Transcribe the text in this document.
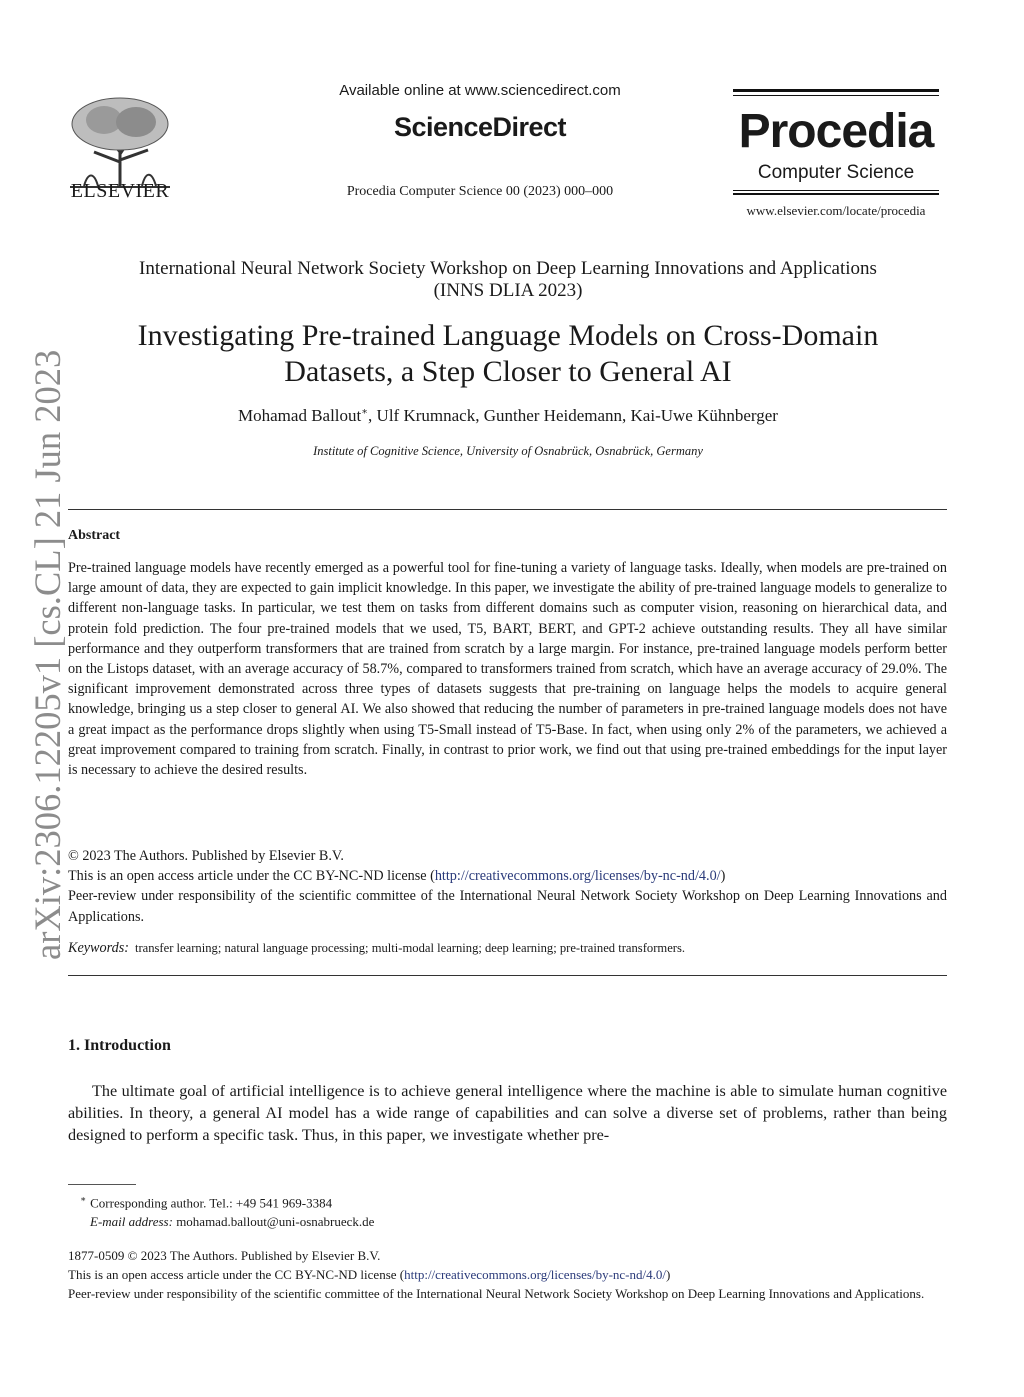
ELSEVIER
Available online at www.sciencedirect.com
ScienceDirect
Procedia Computer Science 00 (2023) 000–000
Procedia
Computer Science
www.elsevier.com/locate/procedia
arXiv:2306.12205v1 [cs.CL] 21 Jun 2023
International Neural Network Society Workshop on Deep Learning Innovations and Applications
(INNS DLIA 2023)
Investigating Pre-trained Language Models on Cross-Domain
Datasets, a Step Closer to General AI
Mohamad Ballout∗, Ulf Krumnack, Gunther Heidemann, Kai-Uwe Kühnberger
Institute of Cognitive Science, University of Osnabrück, Osnabrück, Germany
Abstract
Pre-trained language models have recently emerged as a powerful tool for fine-tuning a variety of language tasks. Ideally, when models are pre-trained on large amount of data, they are expected to gain implicit knowledge. In this paper, we investigate the ability of pre-trained language models to generalize to different non-language tasks. In particular, we test them on tasks from different domains such as computer vision, reasoning on hierarchical data, and protein fold prediction. The four pre-trained models that we used, T5, BART, BERT, and GPT-2 achieve outstanding results. They all have similar performance and they outperform transformers that are trained from scratch by a large margin. For instance, pre-trained language models perform better on the Listops dataset, with an average accuracy of 58.7%, compared to transformers trained from scratch, which have an average accuracy of 29.0%. The significant improvement demonstrated across three types of datasets suggests that pre-training on language helps the models to acquire general knowledge, bringing us a step closer to general AI. We also showed that reducing the number of parameters in pre-trained language models does not have a great impact as the performance drops slightly when using T5-Small instead of T5-Base. In fact, when using only 2% of the parameters, we achieved a great improvement compared to training from scratch. Finally, in contrast to prior work, we find out that using pre-trained embeddings for the input layer is necessary to achieve the desired results.
© 2023 The Authors. Published by Elsevier B.V.
This is an open access article under the CC BY-NC-ND license (http://creativecommons.org/licenses/by-nc-nd/4.0/)
Peer-review under responsibility of the scientific committee of the International Neural Network Society Workshop on Deep Learning Innovations and Applications.
Keywords: transfer learning; natural language processing; multi-modal learning; deep learning; pre-trained transformers.
1. Introduction
The ultimate goal of artificial intelligence is to achieve general intelligence where the machine is able to simulate human cognitive abilities. In theory, a general AI model has a wide range of capabilities and can solve a diverse set of problems, rather than being designed to perform a specific task. Thus, in this paper, we investigate whether pre-
∗ Corresponding author. Tel.: +49 541 969-3384
E-mail address: mohamad.ballout@uni-osnabrueck.de
1877-0509 © 2023 The Authors. Published by Elsevier B.V.
This is an open access article under the CC BY-NC-ND license (http://creativecommons.org/licenses/by-nc-nd/4.0/)
Peer-review under responsibility of the scientific committee of the International Neural Network Society Workshop on Deep Learning Innovations and Applications.
